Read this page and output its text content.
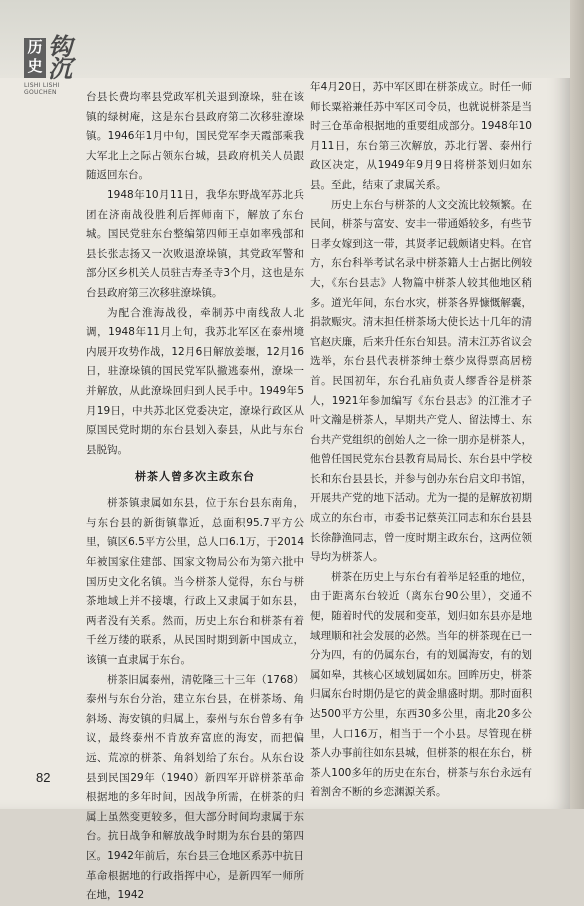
历史
钩沉
LISHI LISHI GOUCHEN	台县长费均率县党政军机关退到潦垛，驻在该镇的绿树庵，这是东台县政府第二次移驻潦垛镇。1946年1月中旬，国民党军李天霞部乘我大军北上之际占领东台城，县政府机关人员跟随返回东台。

1948年10月11日，我华东野战军苏北兵团在济南战役胜利后挥师南下，解放了东台城。国民党驻东台整编第四师王卓如率残部和县长张志扬又一次败退潦垛镇，其党政军警和部分区乡机关人员驻吉寿圣寺3个月，这也是东台县政府第三次移驻潦垛镇。

为配合淮海战役，牵制苏中南线敌人北调，1948年11月上旬，我苏北军区在泰州境内展开攻势作战，12月6日解放姜堰，12月16日，驻潦垛镇的国民党军队撤逃泰州，潦垛一并解放，从此潦垛回归到人民手中。1949年5月19日，中共苏北区党委决定，潦垛行政区从原国民党时期的东台县划入泰县，从此与东台县脱钩。

栟茶人曾多次主政东台

栟茶镇隶属如东县，位于东台县东南角，与东台县的新街镇靠近，总面积95.7平方公里，镇区6.5平方公里，总人口6.1万，于2014年被国家住建部、国家文物局公布为第六批中国历史文化名镇。当今栟茶人觉得，东台与栟茶地域上并不接壤，行政上又隶属于如东县，两者没有关系。然而，历史上东台和栟茶有着千丝万缕的联系，从民国时期到新中国成立，该镇一直隶属于东台。

栟茶旧属泰州，清乾隆三十三年（1768）泰州与东台分治，建立东台县，在栟茶场、角斜场、海安镇的归属上，泰州与东台曾多有争议，最终泰州不肯放弃富庶的海安，而把偏远、荒凉的栟茶、角斜划给了东台。从东台设县到民国29年（1940）新四军开辟栟茶革命根据地的多年时间，因战争所需，在栟茶的归属上虽然变更较多，但大部分时间均隶属于东台。抗日战争和解放战争时期为东台县的第四区。1942年前后，东台县三仓地区系苏中抗日革命根据地的行政指挥中心，是新四军一师所在地，1942

年4月20日，苏中军区即在栟茶成立。时任一师师长粟裕兼任苏中军区司令员，也就说栟茶是当时三仓革命根据地的重要组成部分。1948年10月11日，东台第三次解放，苏北行署、泰州行政区决定，从1949年9月9日将栟茶划归如东县。至此，结束了隶属关系。

历史上东台与栟茶的人文交流比较频繁。在民间，栟茶与富安、安丰一带通婚较多，有些节日孝女嫁到这一带，其贤孝记载颇诸史料。在官方，东台科举考试名录中栟茶籍人士占据比例较大，《东台县志》人物篇中栟茶人较其他地区稍多。道光年间，东台水灾，栟茶各界慷慨解囊，捐款赈灾。清末担任栟茶场大使长达十几年的清官赵庆廉，后来升任东台知县。清末江苏省议会选举，东台县代表栟茶绅士蔡少岚得票高居榜首。民国初年，东台孔庙负责人缪香谷是栟茶人，1921年参加编写《东台县志》的江淮才子叶文瀚是栟茶人，早期共产党人、留法博士、东台共产党组织的创始人之一徐一朋亦是栟茶人，他曾任国民党东台县教育局局长、东台县中学校长和东台县县长，并参与创办东台启文印书馆，开展共产党的地下活动。尤为一提的是解放初期成立的东台市，市委书记蔡英江同志和东台县县长徐静渔同志，曾一度时期主政东台，这两位领导均为栟茶人。

栟茶在历史上与东台有着举足轻重的地位，由于距离东台较近（离东台90公里），交通不便，随着时代的发展和变革，划归如东县亦是地域理顺和社会发展的必然。当年的栟茶现在已一分为四，有的仍属东台，有的划属海安，有的划属如皋，其核心区域划属如东。回眸历史，栟茶归属东台时期仍是它的黄金鼎盛时期。那时面积达500平方公里，东西30多公里，南北20多公里，人口16万，相当于一个小县。尽管现在栟茶人办事前往如东县城，但栟茶的根在东台，栟茶人100多年的历史在东台，栟茶与东台永远有着割舍不断的乡恋渊源关系。

82
